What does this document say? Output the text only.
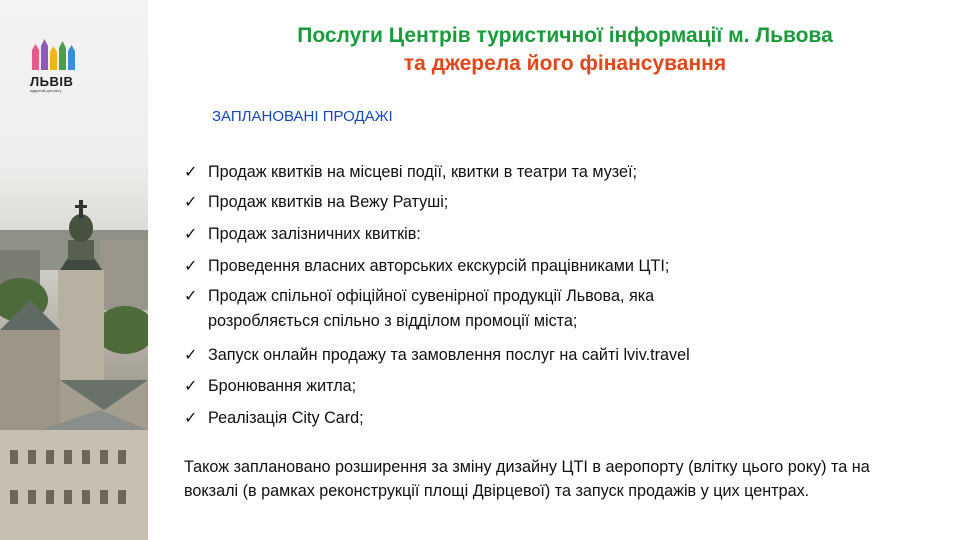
ЛЬВІВ
відкритий для світу
Послуги Центрів туристичної інформації м. Львова
та джерела його фінансування
ЗАПЛАНОВАНІ ПРОДАЖІ
✓ Продаж квитків на місцеві події, квитки в театри та музеї;
✓ Продаж квитків на Вежу Ратуші;
✓ Продаж залізничних квитків:
✓ Проведення власних авторських екскурсій працівниками ЦТІ;
✓ Продаж спільної офіційної сувенірної продукції Львова, яка розробляється спільно з відділом промоції міста;
✓ Запуск онлайн продажу та замовлення послуг на сайті lviv.travel
✓ Бронювання житла;
✓ Реалізація City Card;
Також заплановано розширення за зміну дизайну ЦТІ в аеропорту (влітку цього року) та на вокзалі (в рамках реконструкції площі Двірцевої) та запуск продажів у цих центрах.
